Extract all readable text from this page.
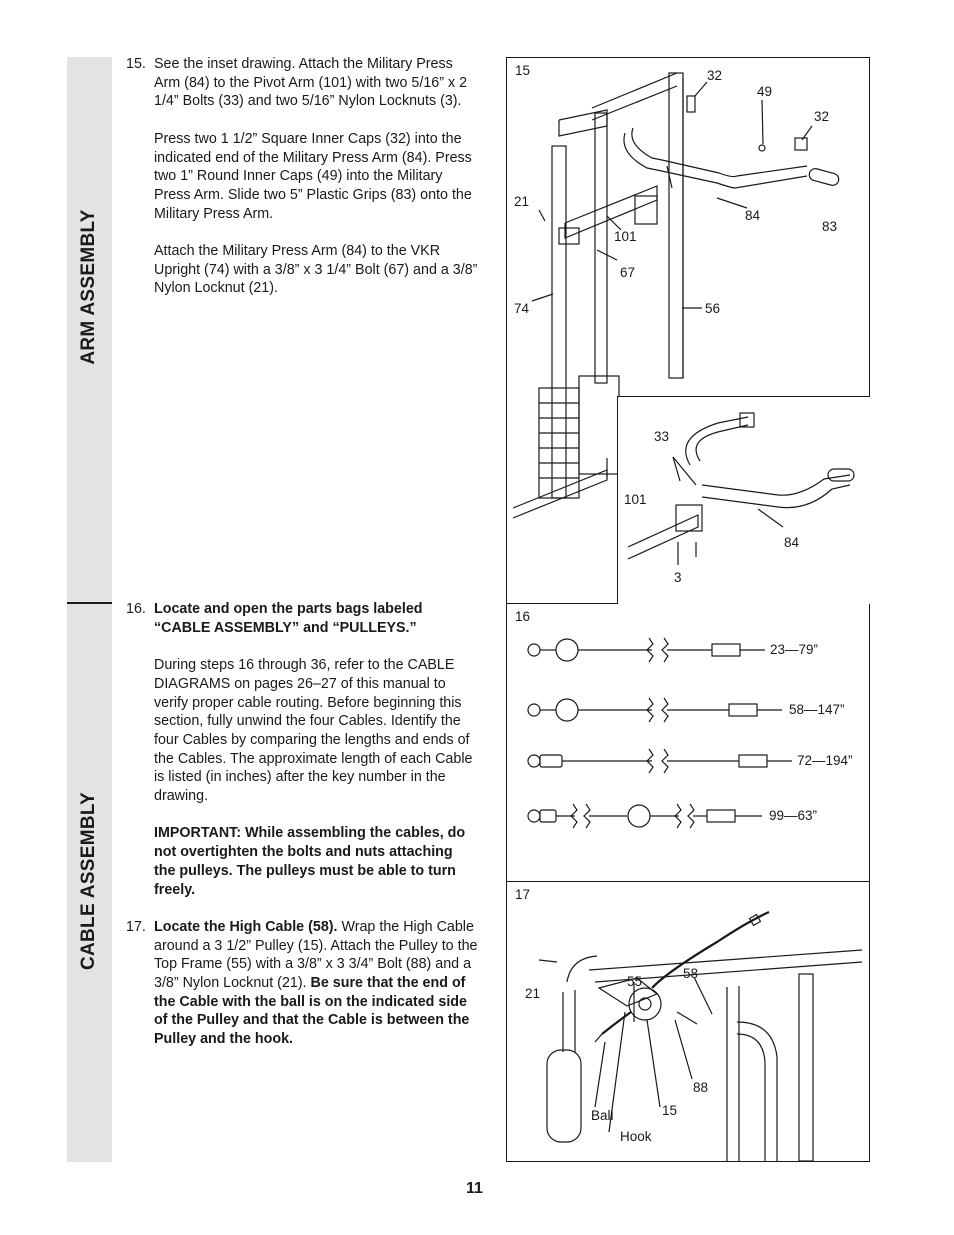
ARM ASSEMBLY
CABLE ASSEMBLY
15. See the inset drawing. Attach the Military Press Arm (84) to the Pivot Arm (101) with two 5/16” x 2 1/4” Bolts (33) and two 5/16” Nylon Locknuts (3).

Press two 1 1/2” Square Inner Caps (32) into the indicated end of the Military Press Arm (84). Press two 1” Round Inner Caps (49) into the Military Press Arm. Slide two 5” Plastic Grips (83) onto the Military Press Arm.

Attach the Military Press Arm (84) to the VKR Upright (74) with a 3/8” x 3 1/4” Bolt (67) and a 3/8” Nylon Locknut (21).

16. Locate and open the parts bags labeled “CABLE ASSEMBLY” and “PULLEYS.”

During steps 16 through 36, refer to the CABLE DIAGRAMS on pages 26–27 of this manual to verify proper cable routing. Before beginning this section, fully unwind the four Cables. Identify the four Cables by comparing the lengths and ends of the Cables. The approximate length of each Cable is listed (in inches) after the key number in the drawing.

IMPORTANT: While assembling the cables, do not overtighten the bolts and nuts attaching the pulleys. The pulleys must be able to turn freely.

17. Locate the High Cable (58). Wrap the High Cable around a 3 1/2” Pulley (15). Attach the Pulley to the Top Frame (55) with a 3/8” x 3 3/4” Bolt (88) and a 3/8” Nylon Locknut (21). Be sure that the end of the Cable with the ball is on the indicated side of the Pulley and that the Cable is between the Pulley and the hook.

15	32
49
32
21
101
84
83
67
74	56
33
101
84
3
16
23—79”
58—147”
72—194”
99—63”
17
21
55
58
88
15
Ball
Hook
11
